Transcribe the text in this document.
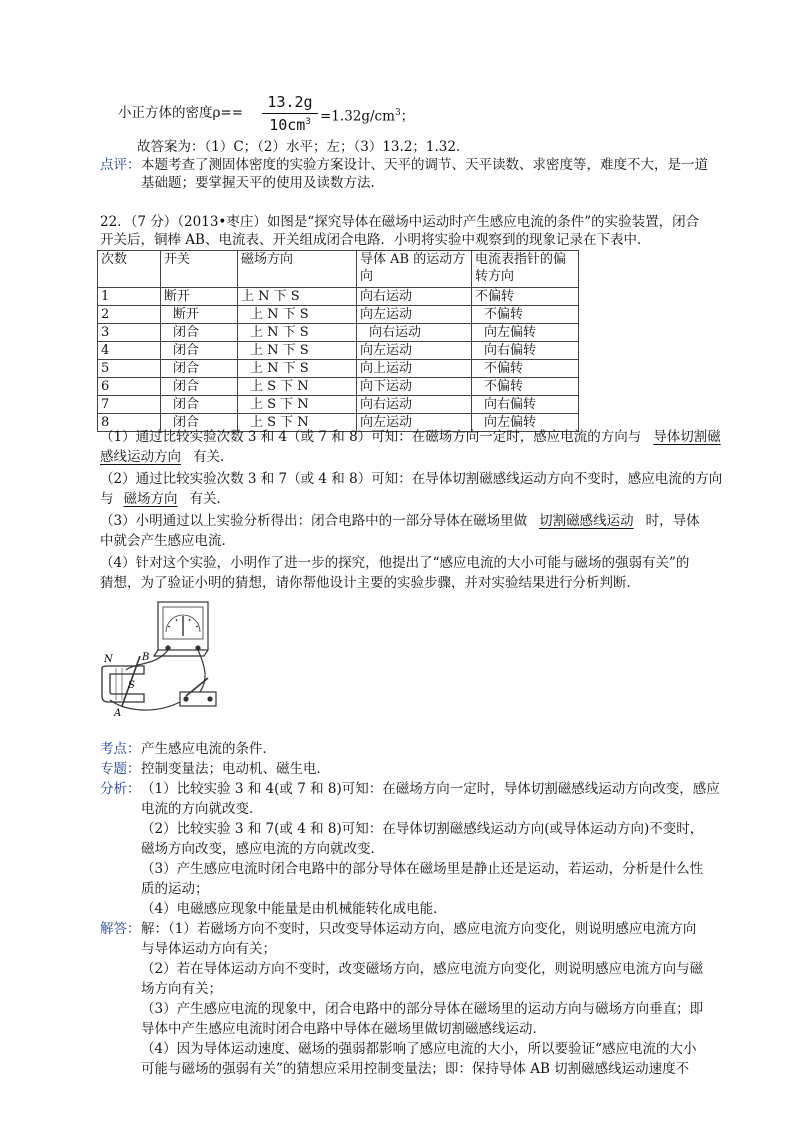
小正方体的密度ρ==
13.2g
$10cm^3 =1.32g/cm^3$；
故答案为：（1）C；（2）水平；左；（3）13.2；1.32．
点评： 本题考查了测固体密度的实验方案设计、天平的调节、天平读数、求密度等，难度不大，是一道
基础题；要掌握天平的使用及读数方法．
22．（7 分）（2013•枣庄）如图是“探究导体在磁场中运动时产生感应电流的条件”的实验装置，闭合
开关后，铜棒 AB、电流表、开关组成闭合电路．小明将实验中观察到的现象记录在下表中．
次数	开关	磁场方向	导体 AB 的运动方向	电流表指针的偏转方向
1	断开	上 N 下 S	向右运动	不偏转
2	断开	上 N 下 S	向左运动	不偏转
3	闭合	上 N 下 S	向右运动	向左偏转
4	闭合	上 N 下 S	向左运动	向右偏转
5	闭合	上 N 下 S	向上运动	不偏转
6	闭合	上 S 下 N	向下运动	不偏转
7	闭合	上 S 下 N	向右运动	向右偏转
8	闭合	上 S 下 N	向左运动	向左偏转
（1）通过比较实验次数 3 和 4（或 7 和 8）可知：在磁场方向一定时，感应电流的方向与 导体切割磁
感线运动方向 有关．
（2）通过比较实验次数 3 和 7（或 4 和 8）可知：在导体切割磁感线运动方向不变时，感应电流的方向
与 磁场方向 有关．
（3）小明通过以上实验分析得出：闭合电路中的一部分导体在磁场里做 切割磁感线运动 时，导体
中就会产生感应电流．
（4）针对这个实验，小明作了进一步的探究，他提出了“感应电流的大小可能与磁场的强弱有关”的
猜想，为了验证小明的猜想，请你帮他设计主要的实验步骤，并对实验结果进行分析判断．
N
S
A
B
考点： 产生感应电流的条件．
专题： 控制变量法；电动机、磁生电．
分析： （1）比较实验 3 和 4(或 7 和 8)可知：在磁场方向一定时，导体切割磁感线运动方向改变，感应
电流的方向就改变．
（2）比较实验 3 和 7(或 4 和 8)可知：在导体切割磁感线运动方向(或导体运动方向)不变时，
磁场方向改变，感应电流的方向就改变．
（3）产生感应电流时闭合电路中的部分导体在磁场里是静止还是运动，若运动，分析是什么性
质的运动；
（4）电磁感应现象中能量是由机械能转化成电能．
解答： 解：（1）若磁场方向不变时，只改变导体运动方向，感应电流方向变化，则说明感应电流方向
与导体运动方向有关；
（2）若在导体运动方向不变时，改变磁场方向，感应电流方向变化，则说明感应电流方向与磁
场方向有关；
（3）产生感应电流的现象中，闭合电路中的部分导体在磁场里的运动方向与磁场方向垂直；即
导体中产生感应电流时闭合电路中导体在磁场里做切割磁感线运动．
（4）因为导体运动速度、磁场的强弱都影响了感应电流的大小，所以要验证“感应电流的大小
可能与磁场的强弱有关”的猜想应采用控制变量法；即：保持导体 AB 切割磁感线运动速度不
